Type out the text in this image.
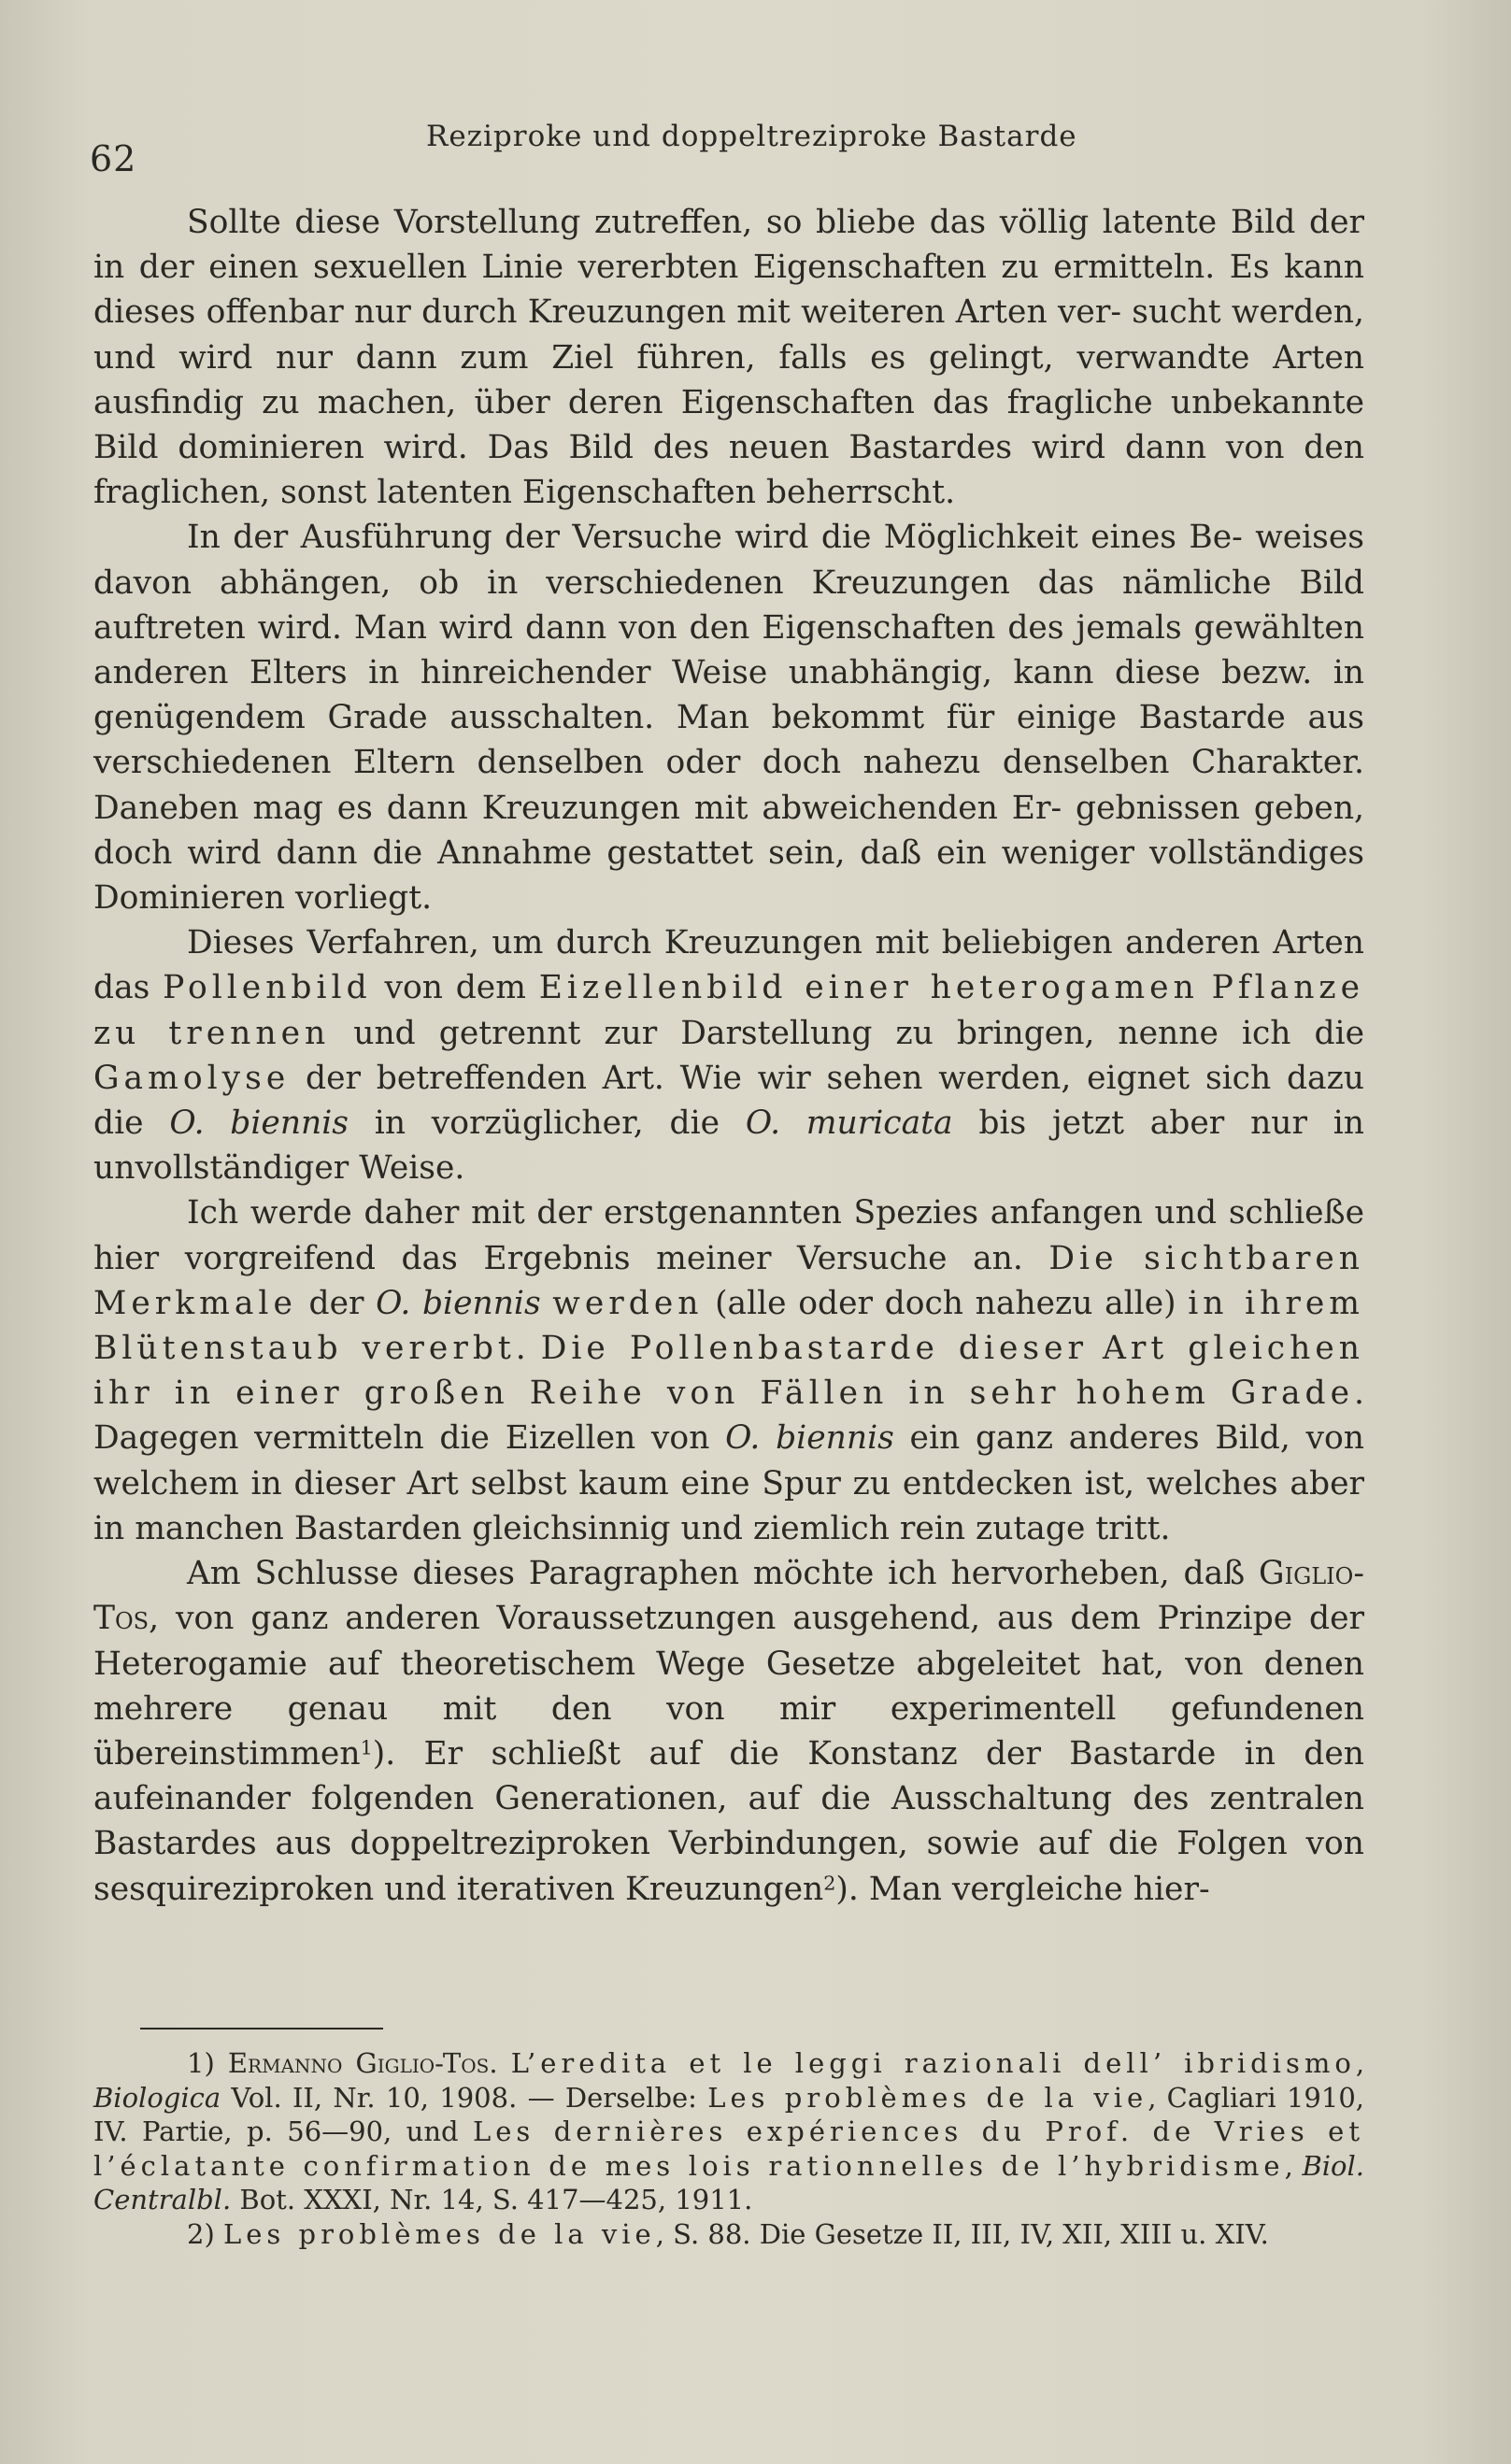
62
Reziproke und doppeltreziproke Bastarde

Sollte diese Vorstellung zutreffen, so bliebe das völlig latente Bild der in der einen sexuellen Linie vererbten Eigenschaften zu ermitteln. Es kann dieses offenbar nur durch Kreuzungen mit weiteren Arten ver- sucht werden, und wird nur dann zum Ziel führen, falls es gelingt, verwandte Arten ausfindig zu machen, über deren Eigenschaften das fragliche unbekannte Bild dominieren wird. Das Bild des neuen Bastardes wird dann von den fraglichen, sonst latenten Eigenschaften beherrscht.

In der Ausführung der Versuche wird die Möglichkeit eines Be- weises davon abhängen, ob in verschiedenen Kreuzungen das nämliche Bild auftreten wird. Man wird dann von den Eigenschaften des jemals gewählten anderen Elters in hinreichender Weise unabhängig, kann diese bezw. in genügendem Grade ausschalten. Man bekommt für einige Bastarde aus verschiedenen Eltern denselben oder doch nahezu denselben Charakter. Daneben mag es dann Kreuzungen mit abweichenden Er- gebnissen geben, doch wird dann die Annahme gestattet sein, daß ein weniger vollständiges Dominieren vorliegt.

Dieses Verfahren, um durch Kreuzungen mit beliebigen anderen Arten das Pollenbild von dem Eizellenbild einer heterogamen Pflanze zu trennen und getrennt zur Darstellung zu bringen, nenne ich die Gamolyse der betreffenden Art. Wie wir sehen werden, eignet sich dazu die O. biennis in vorzüglicher, die O. muricata bis jetzt aber nur in unvollständiger Weise.

Ich werde daher mit der erstgenannten Spezies anfangen und schließe hier vorgreifend das Ergebnis meiner Versuche an. Die sichtbaren Merkmale der O. biennis werden (alle oder doch nahezu alle) in ihrem Blütenstaub vererbt. Die Pollenbastarde dieser Art gleichen ihr in einer großen Reihe von Fällen in sehr hohem Grade. Dagegen vermitteln die Eizellen von O. biennis ein ganz anderes Bild, von welchem in dieser Art selbst kaum eine Spur zu entdecken ist, welches aber in manchen Bastarden gleichsinnig und ziemlich rein zutage tritt.

Am Schlusse dieses Paragraphen möchte ich hervorheben, daß Giglio-Tos, von ganz anderen Voraussetzungen ausgehend, aus dem Prinzipe der Heterogamie auf theoretischem Wege Gesetze abgeleitet hat, von denen mehrere genau mit den von mir experimentell gefundenen übereinstimmen$^1$). Er schließt auf die Konstanz der Bastarde in den aufeinander folgenden Generationen, auf die Ausschaltung des zentralen Bastardes aus doppeltreziproken Verbindungen, sowie auf die Folgen von sesquireziproken und iterativen Kreuzungen$^2$). Man vergleiche hier-

1) Ermanno Giglio-Tos. L’eredita et le leggi razionali dell’ ibridismo, Biologica Vol. II, Nr. 10, 1908. — Derselbe: Les problèmes de la vie, Cagliari 1910, IV. Partie, p. 56—90, und Les dernières expériences du Prof. de Vries et l’éclatante confirmation de mes lois rationnelles de l’hybridisme, Biol. Centralbl. Bot. XXXI, Nr. 14, S. 417—425, 1911.

2) Les problèmes de la vie, S. 88. Die Gesetze II, III, IV, XII, XIII u. XIV.
